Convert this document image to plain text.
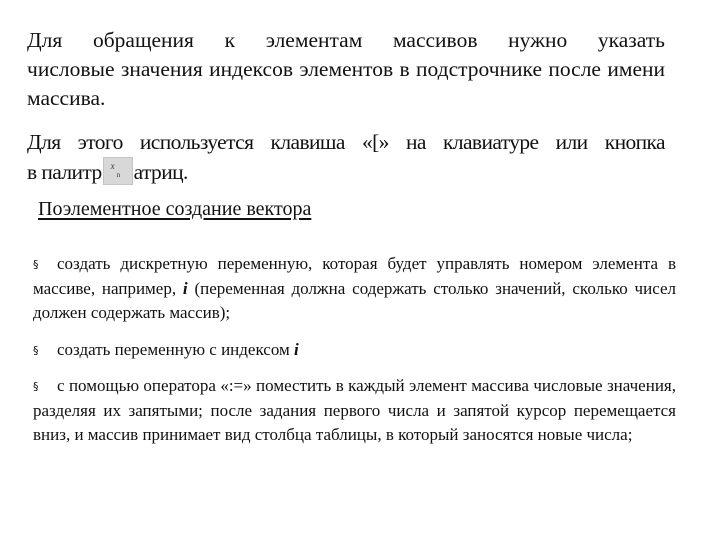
Для обращения к элементам массивов нужно указать
числовые значения индексов элементов в подстрочнике после имени массива.

Для этого используется клавиша «[» на клавиатуре или кнопка
в палитр x
n атриц.

Поэлементное создание вектора
§ создать дискретную переменную, которая будет управлять номером элемента в массиве, например, i (переменная должна содержать столько значений, сколько чисел должен содержать массив);
§ создать переменную с индексом i
§ с помощью оператора «:=» поместить в каждый элемент массива числовые значения, разделяя их запятыми; после задания первого числа и запятой курсор перемещается вниз, и массив принимает вид столбца таблицы, в который заносятся новые числа;
